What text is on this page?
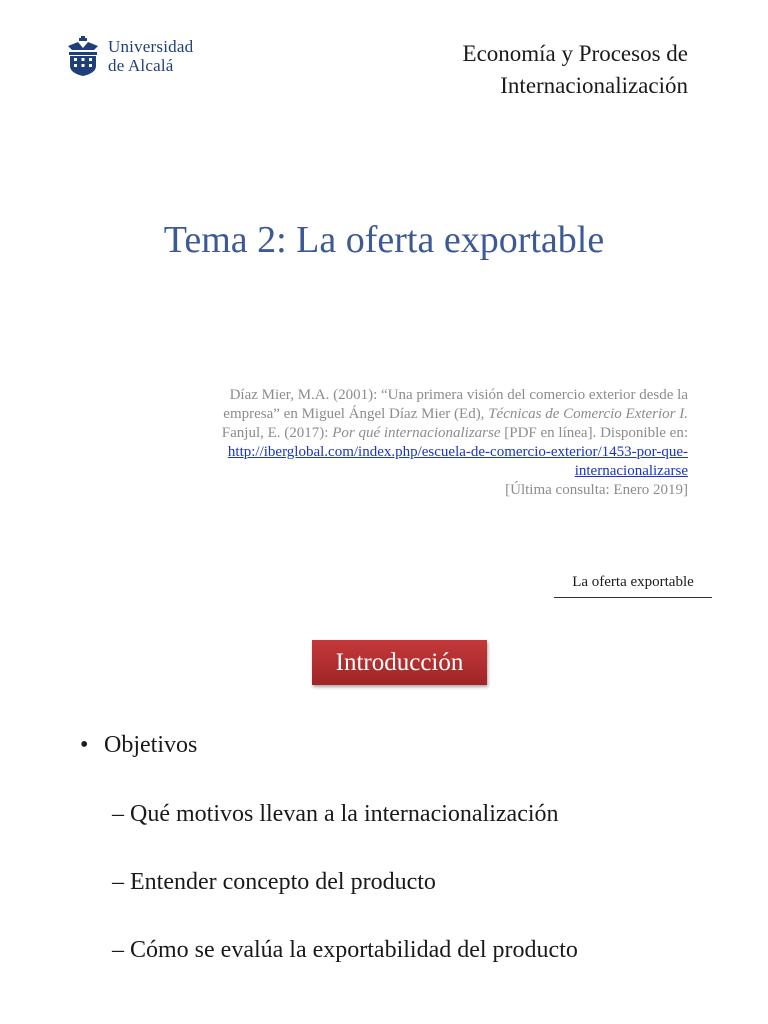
Universidad
de Alcalá	Economía y Procesos de
Internacionalización
Tema 2: La oferta exportable
Díaz Mier, M.A. (2001): “Una primera visión del comercio exterior desde la
empresa” en Miguel Ángel Díaz Mier (Ed), Técnicas de Comercio Exterior I.
Fanjul, E. (2017): Por qué internacionalizarse [PDF en línea]. Disponible en:
http://iberglobal.com/index.php/escuela-de-comercio-exterior/1453-por-que-
internacionalizarse
[Última consulta: Enero 2019]
La oferta exportable
Introducción
• Objetivos
– Qué motivos llevan a la internacionalización
– Entender concepto del producto
– Cómo se evalúa la exportabilidad del producto
